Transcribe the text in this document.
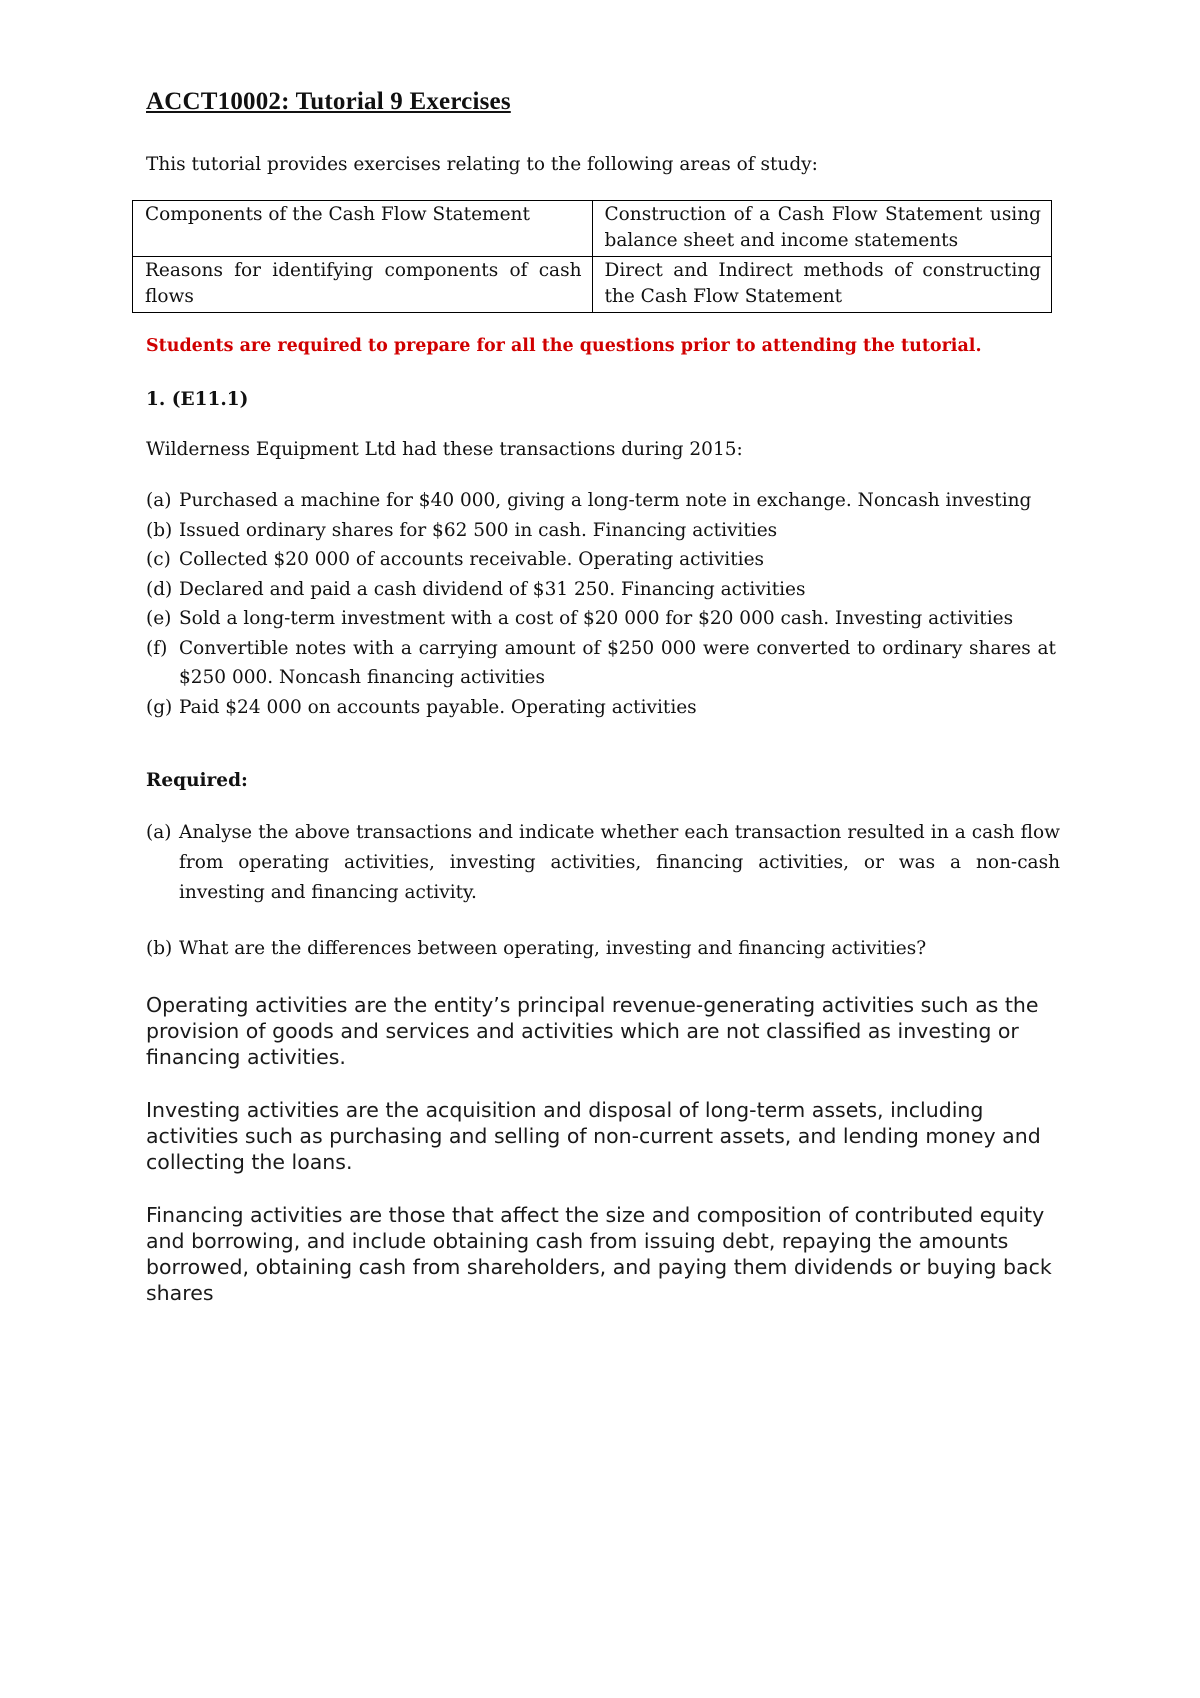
ACCT10002: Tutorial 9 Exercises
This tutorial provides exercises relating to the following areas of study:
Components of the Cash Flow Statement	Construction of a Cash Flow Statement using balance sheet and income statements
Reasons for identifying components of cash flows	Direct and Indirect methods of constructing the Cash Flow Statement
Students are required to prepare for all the questions prior to attending the tutorial.
1. (E11.1)
Wilderness Equipment Ltd had these transactions during 2015:
(a) Purchased a machine for $40 000, giving a long-term note in exchange. Noncash investing
(b) Issued ordinary shares for $62 500 in cash. Financing activities
(c) Collected $20 000 of accounts receivable. Operating activities
(d) Declared and paid a cash dividend of $31 250. Financing activities
(e) Sold a long-term investment with a cost of $20 000 for $20 000 cash. Investing activities
(f) Convertible notes with a carrying amount of $250 000 were converted to ordinary shares at $250 000. Noncash financing activities
(g) Paid $24 000 on accounts payable. Operating activities
Required:
(a) Analyse the above transactions and indicate whether each transaction resulted in a cash flow from operating activities, investing activities, financing activities, or was a non-cash investing and financing activity.
(b) What are the differences between operating, investing and financing activities?

Operating activities are the entity’s principal revenue-generating activities such as the provision of goods and services and activities which are not classified as investing or financing activities.

Investing activities are the acquisition and disposal of long-term assets, including activities such as purchasing and selling of non-current assets, and lending money and collecting the loans.

Financing activities are those that affect the size and composition of contributed equity and borrowing, and include obtaining cash from issuing debt, repaying the amounts borrowed, obtaining cash from shareholders, and paying them dividends or buying back shares
